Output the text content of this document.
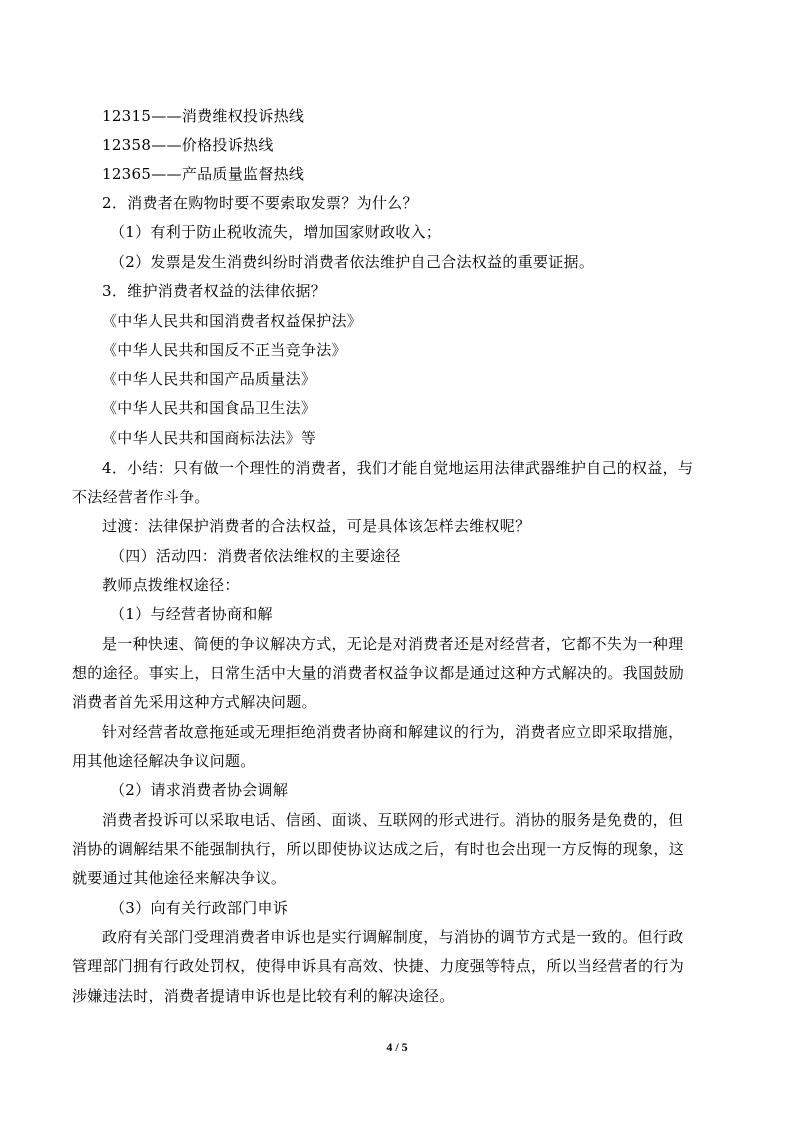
12315——消费维权投诉热线
12358——价格投诉热线
12365——产品质量监督热线
2．消费者在购物时要不要索取发票？为什么？
（1）有利于防止税收流失，增加国家财政收入；
（2）发票是发生消费纠纷时消费者依法维护自己合法权益的重要证据。
3．维护消费者权益的法律依据？
《中华人民共和国消费者权益保护法》
《中华人民共和国反不正当竞争法》
《中华人民共和国产品质量法》
《中华人民共和国食品卫生法》
《中华人民共和国商标法法》等
4．小结：只有做一个理性的消费者，我们才能自觉地运用法律武器维护自己的权益，与
不法经营者作斗争。
过渡：法律保护消费者的合法权益，可是具体该怎样去维权呢？
（四）活动四：消费者依法维权的主要途径
教师点拨维权途径：
（1）与经营者协商和解
是一种快速、简便的争议解决方式，无论是对消费者还是对经营者，它都不失为一种理
想的途径。事实上，日常生活中大量的消费者权益争议都是通过这种方式解决的。我国鼓励
消费者首先采用这种方式解决问题。
针对经营者故意拖延或无理拒绝消费者协商和解建议的行为，消费者应立即采取措施，
用其他途径解决争议问题。
（2）请求消费者协会调解
消费者投诉可以采取电话、信函、面谈、互联网的形式进行。消协的服务是免费的，但
消协的调解结果不能强制执行，所以即使协议达成之后，有时也会出现一方反悔的现象，这
就要通过其他途径来解决争议。
（3）向有关行政部门申诉
政府有关部门受理消费者申诉也是实行调解制度，与消协的调节方式是一致的。但行政
管理部门拥有行政处罚权，使得申诉具有高效、快捷、力度强等特点，所以当经营者的行为
涉嫌违法时，消费者提请申诉也是比较有利的解决途径。
4 / 5
